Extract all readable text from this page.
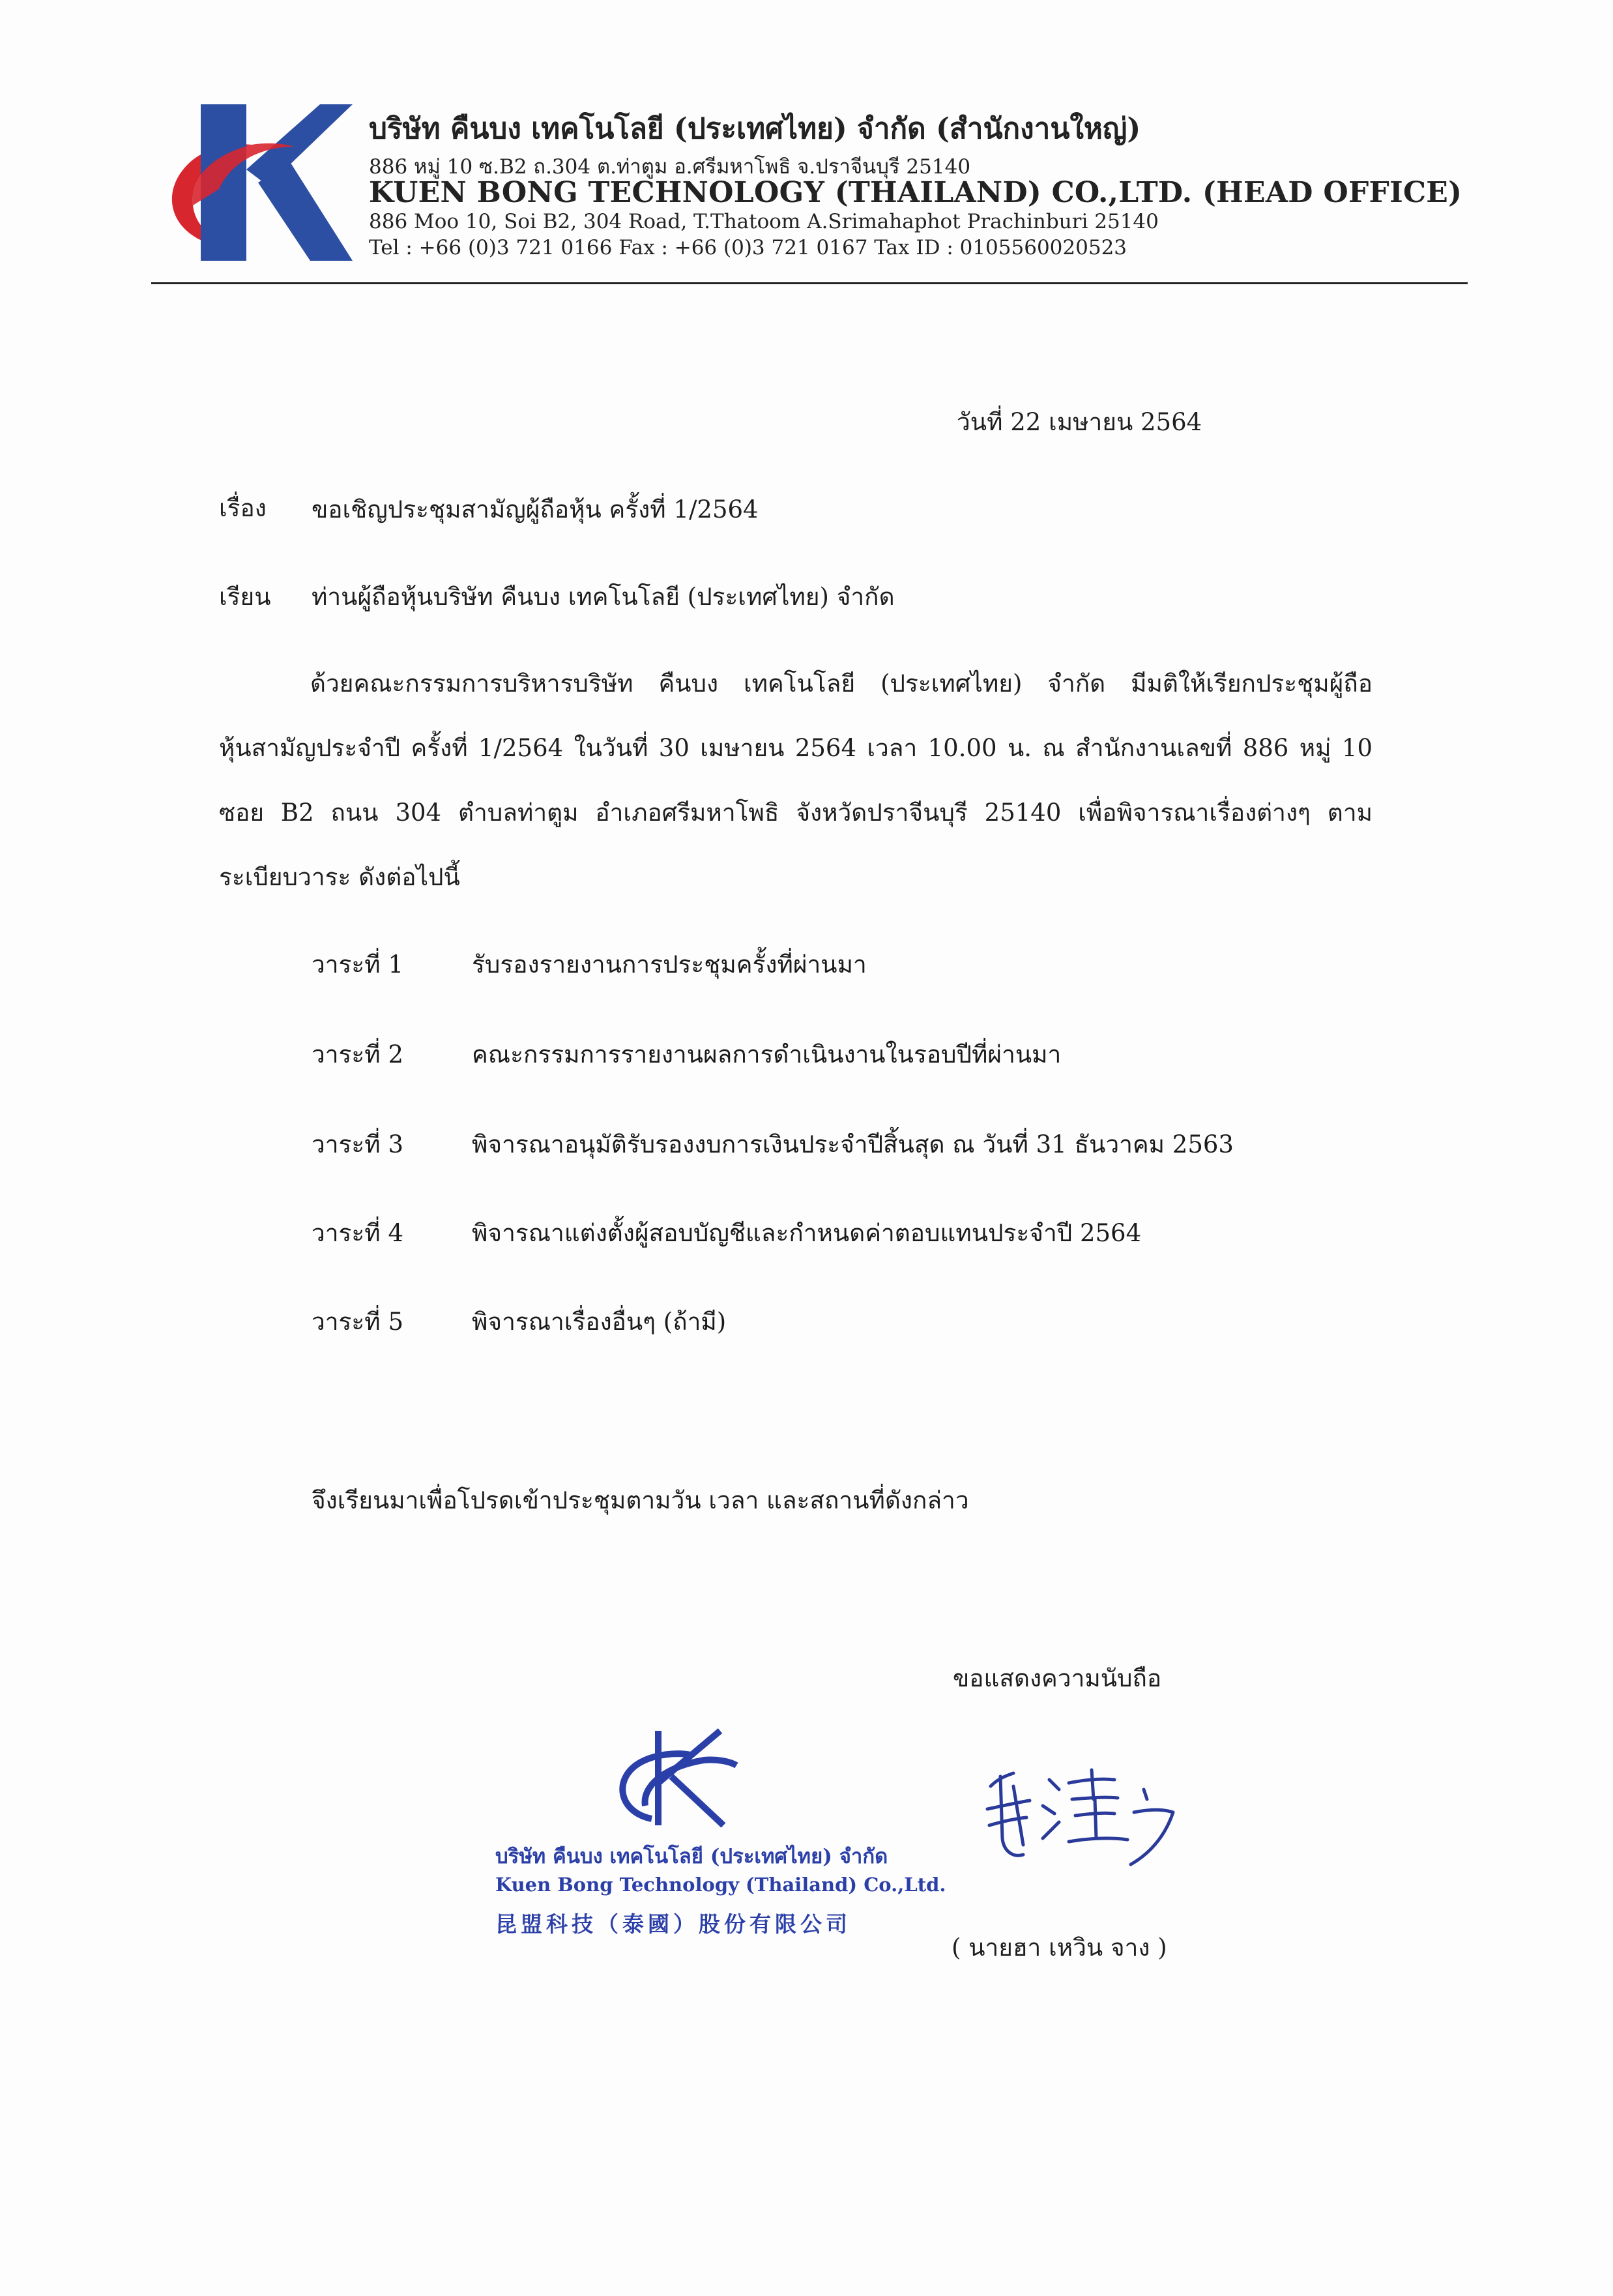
บริษัท คืนบง เทคโนโลยี (ประเทศไทย) จำกัด (สำนักงานใหญ่)
886 หมู่ 10 ซ.B2 ถ.304 ต.ท่าตูม อ.ศรีมหาโพธิ จ.ปราจีนบุรี 25140
KUEN BONG TECHNOLOGY (THAILAND) CO.,LTD. (HEAD OFFICE)
886 Moo 10, Soi B2, 304 Road, T.Thatoom A.Srimahaphot Prachinburi 25140
Tel : +66 (0)3 721 0166 Fax : +66 (0)3 721 0167 Tax ID : 0105560020523
วันที่ 22 เมษายน 2564
เรื่อง ขอเชิญประชุมสามัญผู้ถือหุ้น ครั้งที่ 1/2564
เรียน ท่านผู้ถือหุ้นบริษัท คืนบง เทคโนโลยี (ประเทศไทย) จำกัด
ด้วยคณะกรรมการบริหารบริษัท คืนบง เทคโนโลยี (ประเทศไทย) จำกัด มีมติให้เรียกประชุมผู้ถือ
หุ้นสามัญประจำปี ครั้งที่ 1/2564 ในวันที่ 30 เมษายน 2564 เวลา 10.00 น. ณ สำนักงานเลขที่ 886 หมู่ 10
ซอย B2 ถนน 304 ตำบลท่าตูม อำเภอศรีมหาโพธิ จังหวัดปราจีนบุรี 25140 เพื่อพิจารณาเรื่องต่างๆ ตาม
ระเบียบวาระ ดังต่อไปนี้
วาระที่ 1	รับรองรายงานการประชุมครั้งที่ผ่านมา
วาระที่ 2	คณะกรรมการรายงานผลการดำเนินงานในรอบปีที่ผ่านมา
วาระที่ 3	พิจารณาอนุมัติรับรองงบการเงินประจำปีสิ้นสุด ณ วันที่ 31 ธันวาคม 2563
วาระที่ 4	พิจารณาแต่งตั้งผู้สอบบัญชีและกำหนดค่าตอบแทนประจำปี 2564
วาระที่ 5	พิจารณาเรื่องอื่นๆ (ถ้ามี)
จึงเรียนมาเพื่อโปรดเข้าประชุมตามวัน เวลา และสถานที่ดังกล่าว
ขอแสดงความนับถือ
บริษัท คืนบง เทคโนโลยี (ประเทศไทย) จำกัด
Kuen Bong Technology (Thailand) Co.,Ltd.
昆盟科技（泰國）股份有限公司
( นายฮา เหวิน จาง )
